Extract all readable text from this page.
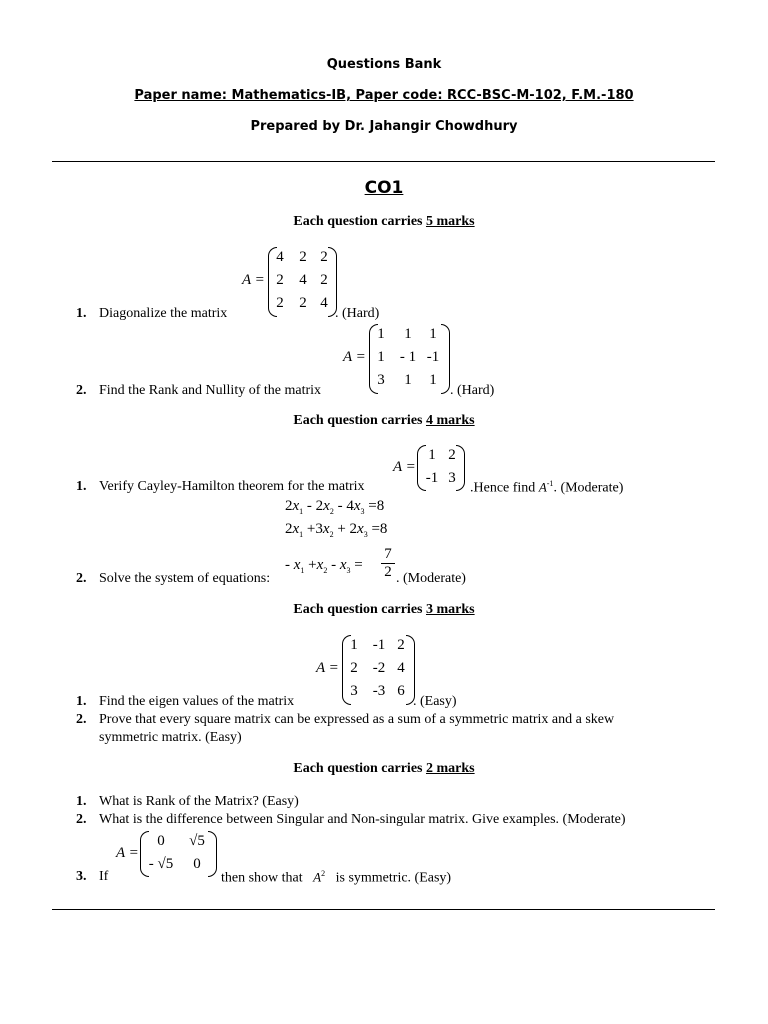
Questions Bank
Paper name: Mathematics-IB, Paper code: RCC-BSC-M-102, F.M.-180
Prepared by Dr. Jahangir Chowdhury
CO1
Each question carries 5 marks
A =
4 2 2
2 4 2
2 2 4
1. Diagonalize the matrix	. (Hard)
A =
1	1	1
1 - 1 -1
3	1	1
2. Find the Rank and Nullity of the matrix	. (Hard)
Each question carries 4 marks
A =
1 2
-1 3
1. Verify Cayley-Hamilton theorem for the matrix	.Hence find $A^{-1}$. (Moderate)
$2x_1 - 2x_2 - 4x_3 =8$
$2x_1 +3x_2 + 2x_3 =8$
- $x_1 +x_2 - x_3 = \frac{7}{2}$
2. Solve the system of equations:	. (Moderate)
Each question carries 3 marks
A =
1	-1 2
2	-2 4
3	-3 6
1. Find the eigen values of the matrix	. (Easy)
2. Prove that every square matrix can be expressed as a sum of a symmetric matrix and a skew
symmetric matrix. (Easy)
Each question carries 2 marks
1. What is Rank of the Matrix? (Easy)
2. What is the difference between Singular and Non-singular matrix. Give examples. (Moderate)
A =
0	√5
- √5	0
3. If	then show that $A^2$ is symmetric. (Easy)
